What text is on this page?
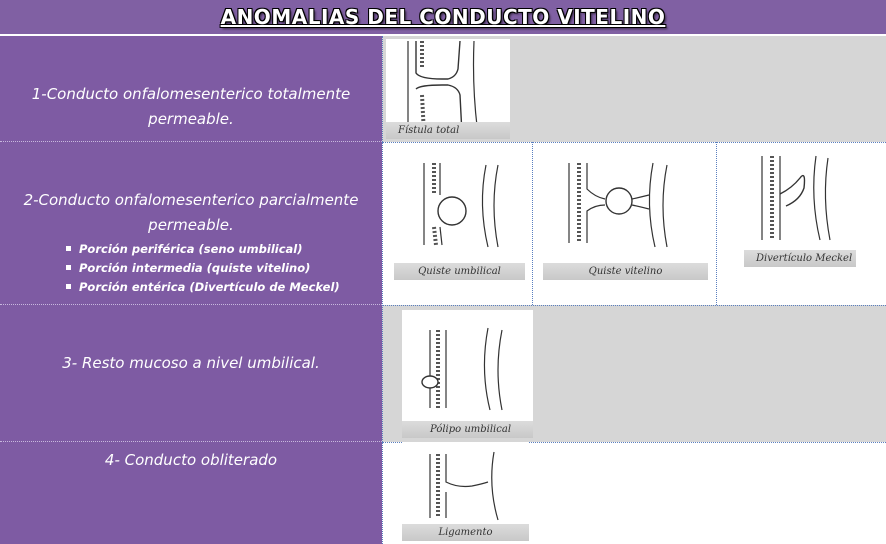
ANOMALIAS DEL CONDUCTO VITELINO
1-Conducto onfalomesenterico totalmente permeable.
2-Conducto onfalomesenterico parcialmente permeable.
Porción periférica (seno umbilical)
Porción intermedia (quiste vitelino)
Porción entérica (Divertículo de Meckel)
3- Resto mucoso a nivel umbilical.
4- Conducto obliterado
Fístula total
Quiste umbilical	Quiste vitelino
Divertículo Meckel
Pólipo umbilical
Ligamento
